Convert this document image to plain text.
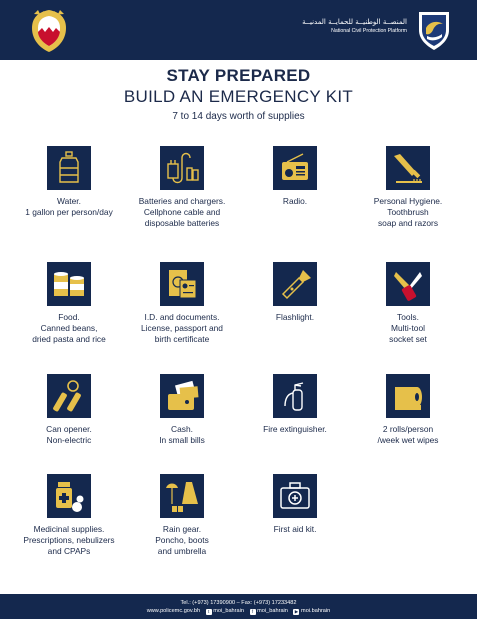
المنصــة الوطنيــة للحمايــة المدنيــة
National Civil Protection Platform
STAY PREPARED
BUILD AN EMERGENCY KIT
7 to 14 days worth of supplies
Water.
1 gallon per person/day
Batteries and chargers.
Cellphone cable and
disposable batteries
Radio.	Personal Hygiene.
Toothbrush
soap and razors
Food.
Canned beans,
dried pasta and rice
I.D. and documents.
License, passport and
birth certificate
Flashlight.	Tools.
Multi-tool
socket set
Can opener.
Non-electric
Cash.
In small bills
Fire extinguisher.	2 rolls/person
/week wet wipes
Medicinal supplies.
Prescriptions, nebulizers
and CPAPs
Rain gear.
Poncho, boots
and umbrella
First aid kit.
Tel.: (+973) 17390900 – Fax: (+973) 17233482
www.policemc.gov.bh t moi_bahrain f moi_bahrain ▶ moi.bahrain
